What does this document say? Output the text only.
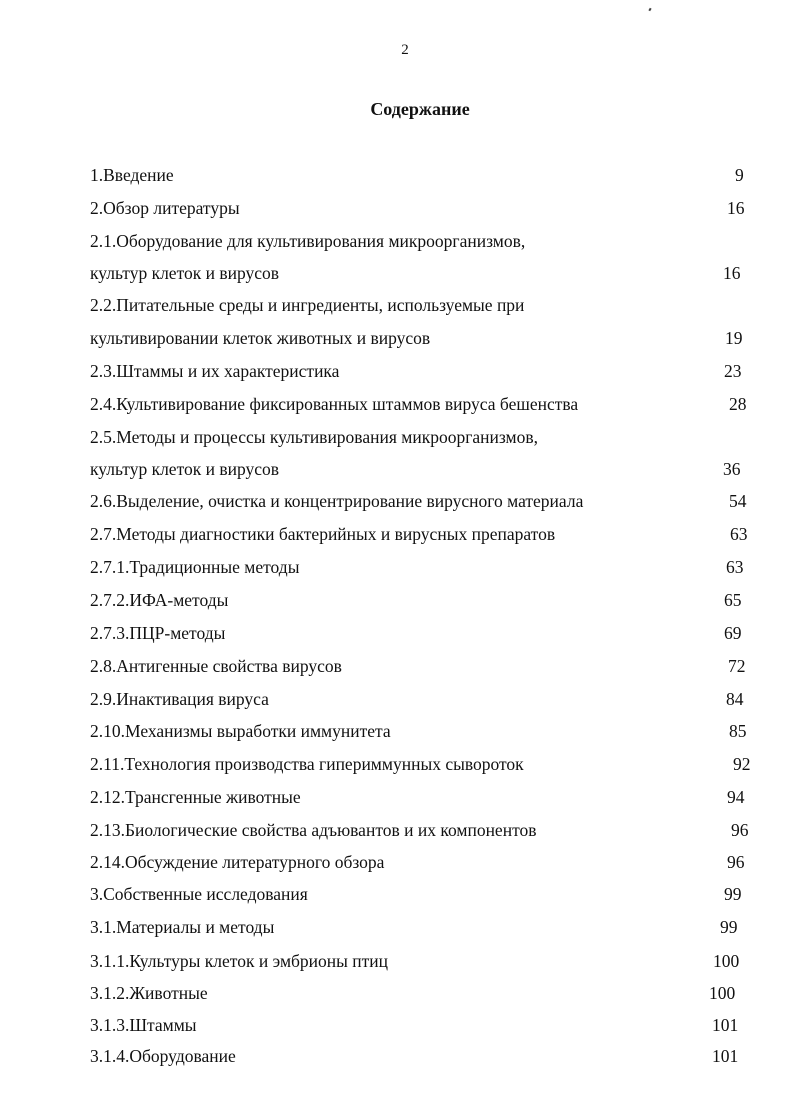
2
Содержание
1.Введение	9
2.Обзор литературы	16
2.1.Оборудование для культивирования микроорганизмов,
культур клеток и вирусов	16
2.2.Питательные среды и ингредиенты, используемые при
культивировании клеток животных и вирусов	19
2.3.Штаммы и их характеристика	23
2.4.Культивирование фиксированных штаммов вируса бешенства	28
2.5.Методы и процессы культивирования микроорганизмов,
культур клеток и вирусов	36
2.6.Выделение, очистка и концентрирование вирусного материала	54
2.7.Методы диагностики бактерийных и вирусных препаратов	63
2.7.1.Традиционные методы	63
2.7.2.ИФА-методы	65
2.7.3.ПЦР-методы	69
2.8.Антигенные свойства вирусов	72
2.9.Инактивация вируса	84
2.10.Механизмы выработки иммунитета	85
2.11.Технология производства гипериммунных сывороток	92
2.12.Трансгенные животные	94
2.13.Биологические свойства адъювантов и их компонентов	96
2.14.Обсуждение литературного обзора	96
3.Собственные исследования	99
3.1.Материалы и методы	99
3.1.1.Культуры клеток и эмбрионы птиц	100
3.1.2.Животные	100
3.1.3.Штаммы	101
3.1.4.Оборудование	101
